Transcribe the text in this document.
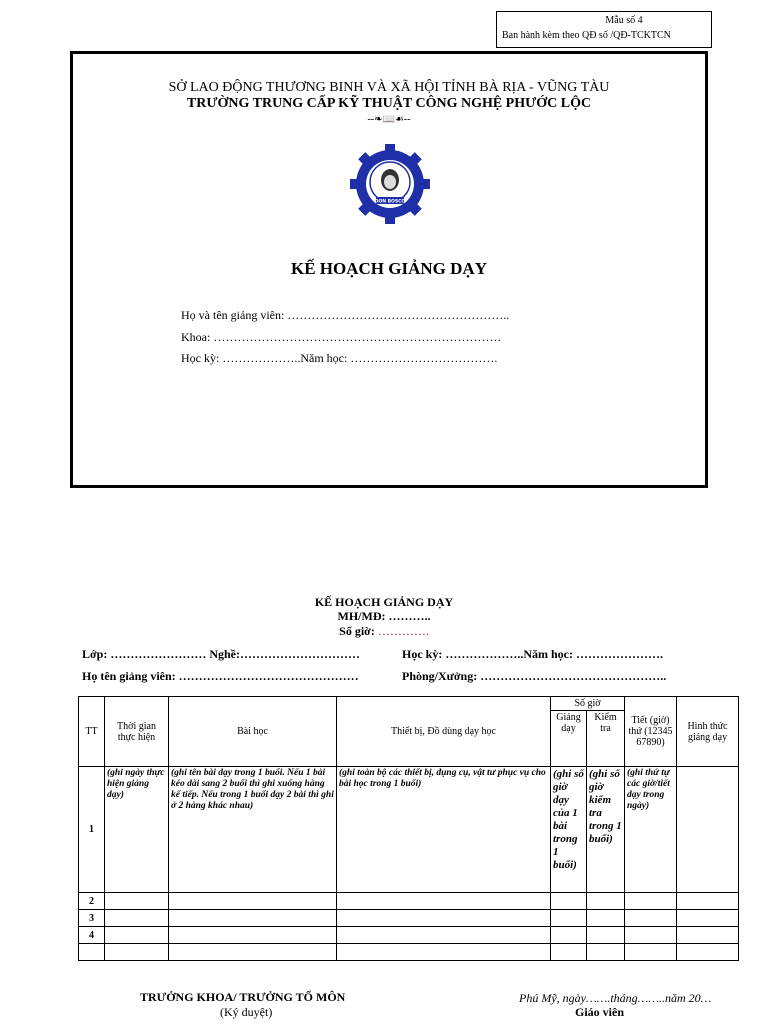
Mẫu số 4
Ban hành kèm theo QĐ số /QĐ-TCKTCN
SỞ LAO ĐỘNG THƯƠNG BINH VÀ XÃ HỘI TỈNH BÀ RỊA - VŨNG TÀU
TRƯỜNG TRUNG CẤP KỸ THUẬT CÔNG NGHỆ PHƯỚC LỘC
--❧📖☙--
DON BOSCO
KẾ HOẠCH GIẢNG DẠY
Họ và tên giảng viên: ………………………………………………..
Khoa: ………………………………………………………………
Học kỳ: ………………..Năm học: ……………………………….
KẾ HOẠCH GIẢNG DẠY
MH/MĐ: ………..
Số giờ: ………….
Lớp: …………………… Nghề:…………………………	Học kỳ: ………………..Năm học: ………………….
Họ tên giảng viên: ………………………………………	Phòng/Xưởng: ………………………………………..
TT	Thời gian thực hiện	Bài học	Thiết bị, Đồ dùng dạy học	Số giờ		Tiết (giờ) thứ (12345 67890)	Hình thức giảng dạy
				Giảng dạy	Kiểm tra		
1	(ghi ngày thực hiện giảng dạy)	(ghi tên bài dạy trong 1 buổi. Nếu 1 bài kéo dài sang 2 buổi thì ghi xuống hàng kế tiếp. Nếu trong 1 buổi dạy 2 bài thì ghi ở 2 hàng khác nhau)	(ghi toàn bộ các thiết bị, dụng cụ, vật tư phục vụ cho bài học trong 1 buổi)	(ghi số giờ dạy của 1 bài trong 1 buổi)	(ghi số giờ kiểm tra trong 1 buổi)	(ghi thứ tự các giờ/tiết dạy trong ngày)	
2							
3							
4							

TRƯỞNG KHOA/ TRƯỞNG TỔ MÔN
(Ký duyệt)
Phú Mỹ, ngày…….tháng……..năm 20…
Giáo viên
